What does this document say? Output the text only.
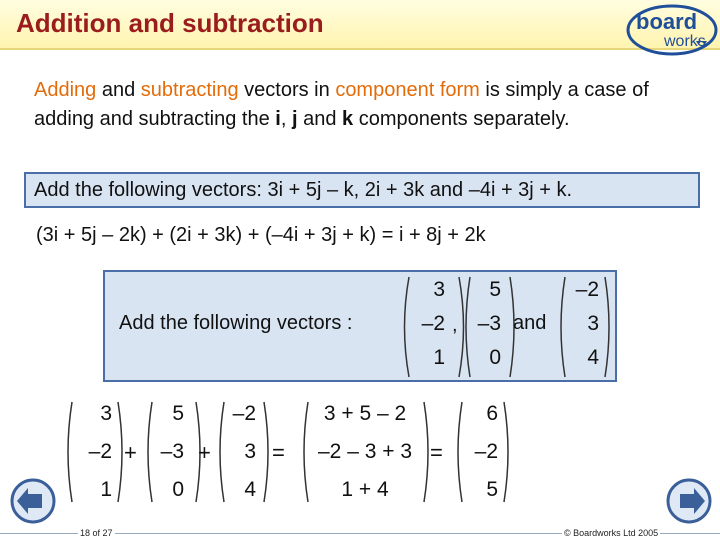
Addition and subtraction	board
works
Adding and subtracting vectors in component form is simply a case of adding and subtracting the i, j and k components separately.
Add the following vectors: 3i + 5j – k, 2i + 3k and –4i + 3j + k.
(3i + 5j – 2k) + (2i + 3k) + (–4i + 3j + k) = i + 8j + 2k
Add the following vectors :
3
–2
1
,
5
–3
0
and
–2
3
4
3
–2
1
+
5
–3
0
+
–2
3
4
=
3 + 5 – 2
–2 – 3 + 3
1 + 4
=
6
–2
5
18 of 27	© Boardworks Ltd 2005
